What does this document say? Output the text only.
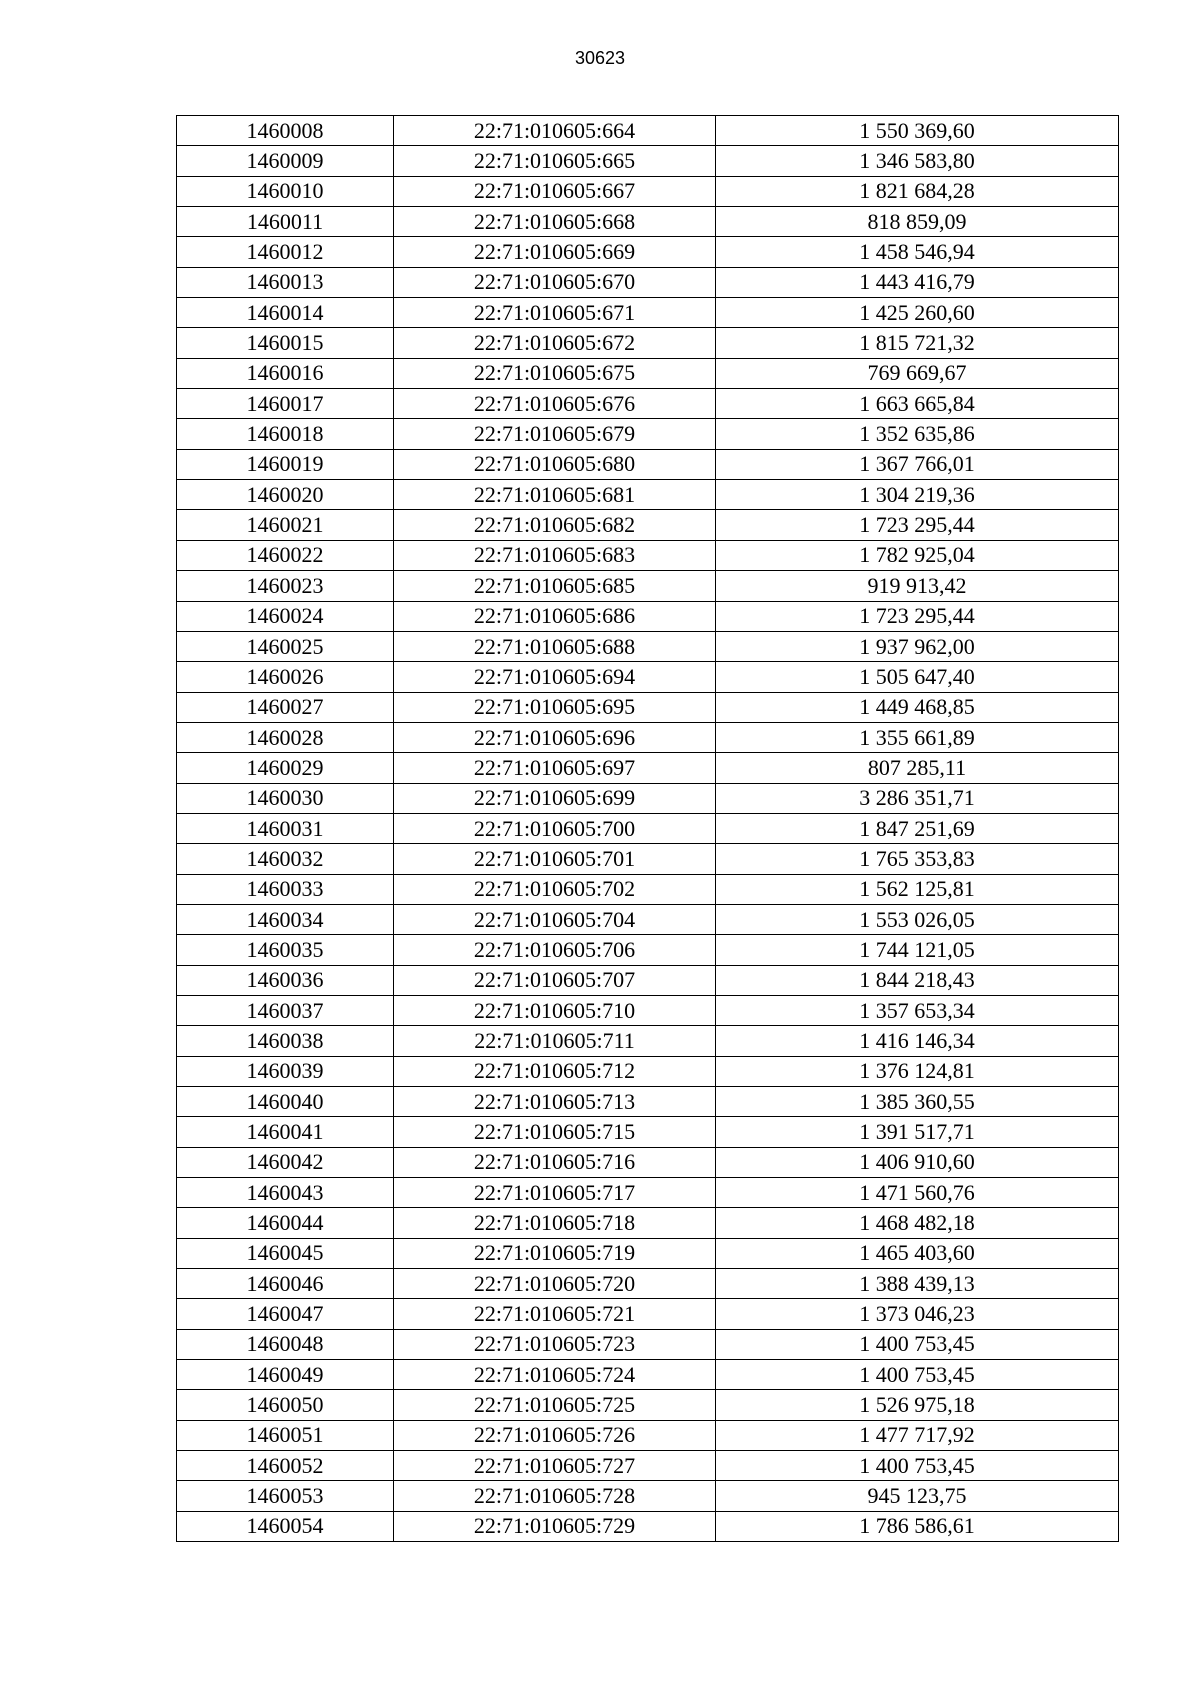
30623
1460008	22:71:010605:664	1 550 369,60
1460009	22:71:010605:665	1 346 583,80
1460010	22:71:010605:667	1 821 684,28
1460011	22:71:010605:668	818 859,09
1460012	22:71:010605:669	1 458 546,94
1460013	22:71:010605:670	1 443 416,79
1460014	22:71:010605:671	1 425 260,60
1460015	22:71:010605:672	1 815 721,32
1460016	22:71:010605:675	769 669,67
1460017	22:71:010605:676	1 663 665,84
1460018	22:71:010605:679	1 352 635,86
1460019	22:71:010605:680	1 367 766,01
1460020	22:71:010605:681	1 304 219,36
1460021	22:71:010605:682	1 723 295,44
1460022	22:71:010605:683	1 782 925,04
1460023	22:71:010605:685	919 913,42
1460024	22:71:010605:686	1 723 295,44
1460025	22:71:010605:688	1 937 962,00
1460026	22:71:010605:694	1 505 647,40
1460027	22:71:010605:695	1 449 468,85
1460028	22:71:010605:696	1 355 661,89
1460029	22:71:010605:697	807 285,11
1460030	22:71:010605:699	3 286 351,71
1460031	22:71:010605:700	1 847 251,69
1460032	22:71:010605:701	1 765 353,83
1460033	22:71:010605:702	1 562 125,81
1460034	22:71:010605:704	1 553 026,05
1460035	22:71:010605:706	1 744 121,05
1460036	22:71:010605:707	1 844 218,43
1460037	22:71:010605:710	1 357 653,34
1460038	22:71:010605:711	1 416 146,34
1460039	22:71:010605:712	1 376 124,81
1460040	22:71:010605:713	1 385 360,55
1460041	22:71:010605:715	1 391 517,71
1460042	22:71:010605:716	1 406 910,60
1460043	22:71:010605:717	1 471 560,76
1460044	22:71:010605:718	1 468 482,18
1460045	22:71:010605:719	1 465 403,60
1460046	22:71:010605:720	1 388 439,13
1460047	22:71:010605:721	1 373 046,23
1460048	22:71:010605:723	1 400 753,45
1460049	22:71:010605:724	1 400 753,45
1460050	22:71:010605:725	1 526 975,18
1460051	22:71:010605:726	1 477 717,92
1460052	22:71:010605:727	1 400 753,45
1460053	22:71:010605:728	945 123,75
1460054	22:71:010605:729	1 786 586,61
